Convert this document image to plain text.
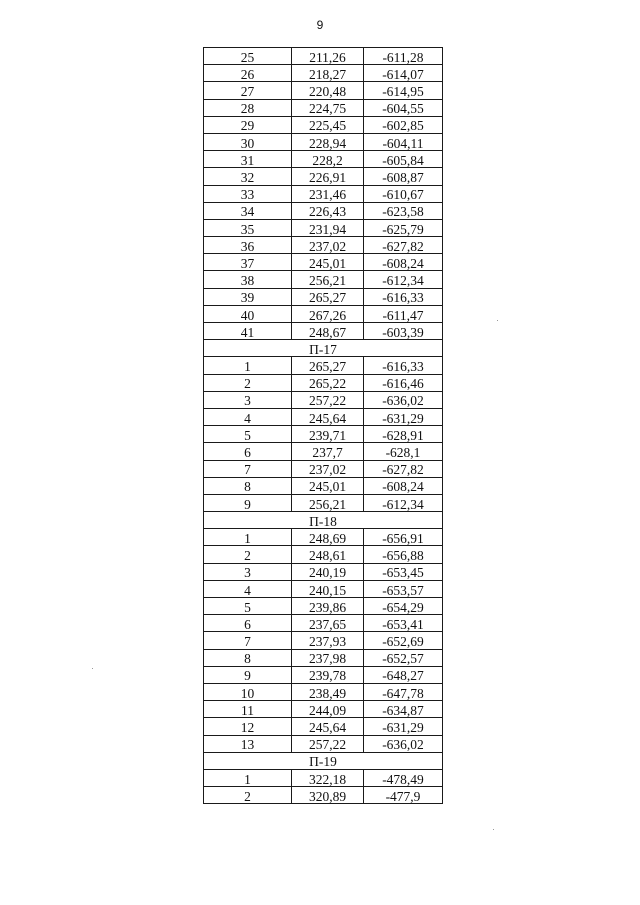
9
25	211,26	-611,28
26	218,27	-614,07
27	220,48	-614,95
28	224,75	-604,55
29	225,45	-602,85
30	228,94	-604,11
31	228,2	-605,84
32	226,91	-608,87
33	231,46	-610,67
34	226,43	-623,58
35	231,94	-625,79
36	237,02	-627,82
37	245,01	-608,24
38	256,21	-612,34
39	265,27	-616,33
40	267,26	-611,47
41	248,67	-603,39
П-17		
1	265,27	-616,33
2	265,22	-616,46
3	257,22	-636,02
4	245,64	-631,29
5	239,71	-628,91
6	237,7	-628,1
7	237,02	-627,82
8	245,01	-608,24
9	256,21	-612,34
П-18		
1	248,69	-656,91
2	248,61	-656,88
3	240,19	-653,45
4	240,15	-653,57
5	239,86	-654,29
6	237,65	-653,41
7	237,93	-652,69
8	237,98	-652,57
9	239,78	-648,27
10	238,49	-647,78
11	244,09	-634,87
12	245,64	-631,29
13	257,22	-636,02
П-19		
1	322,18	-478,49
2	320,89	-477,9
